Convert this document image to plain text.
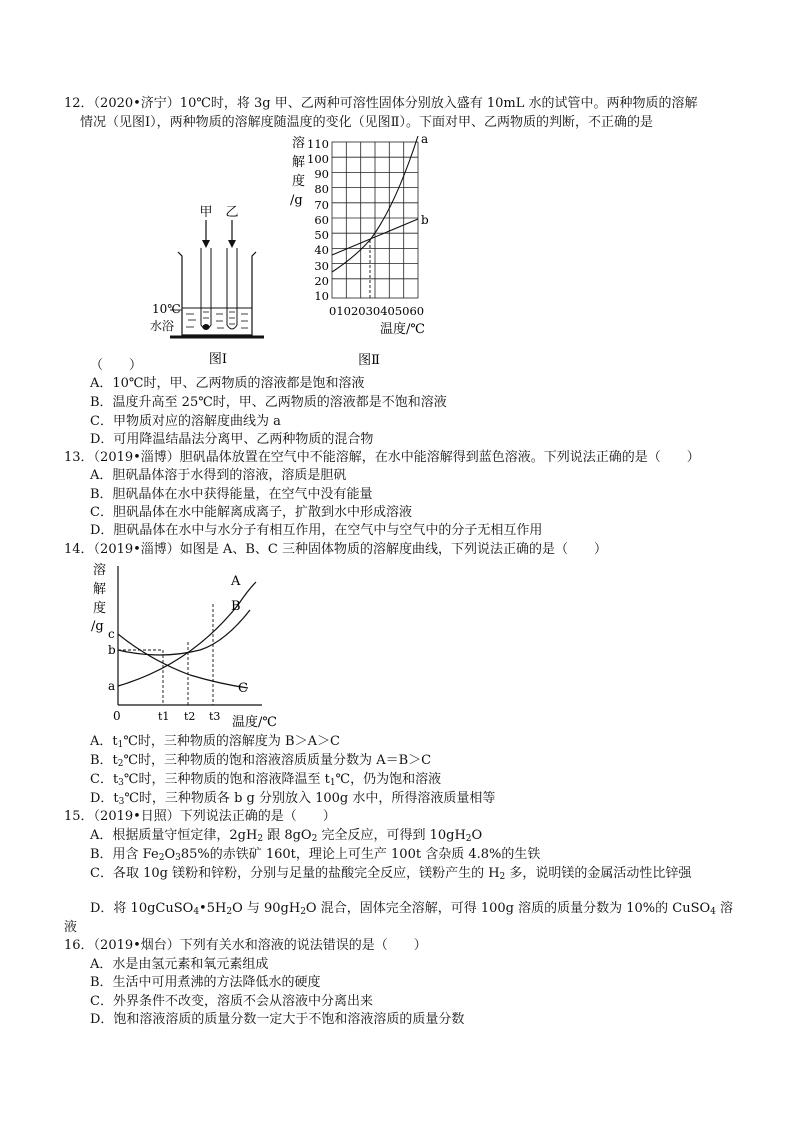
12．（2020•济宁）10℃时，将 3g 甲、乙两种可溶性固体分别放入盛有 10mL 水的试管中。两种物质的溶解
情况（见图Ⅰ），两种物质的溶解度随温度的变化（见图Ⅱ）。下面对甲、乙两物质的判断，不正确的是
甲 乙
10℃
水浴
图Ⅰ
溶
解
度
/g
110
100
90
80
70
60
50
40
30
20
10
a
b
0102030405060
温度/℃
图Ⅱ
（　　）
A．10℃时，甲、乙两物质的溶液都是饱和溶液
B．温度升高至 25℃时，甲、乙两物质的溶液都是不饱和溶液
C．甲物质对应的溶解度曲线为 a
D．可用降温结晶法分离甲、乙两种物质的混合物
13．（2019•淄博）胆矾晶体放置在空气中不能溶解，在水中能溶解得到蓝色溶液。下列说法正确的是（　　）
A．胆矾晶体溶于水得到的溶液，溶质是胆矾
B．胆矾晶体在水中获得能量，在空气中没有能量
C．胆矾晶体在水中能解离成离子，扩散到水中形成溶液
D．胆矾晶体在水中与水分子有相互作用，在空气中与空气中的分子无相互作用
14．（2019•淄博）如图是 A、B、C 三种固体物质的溶解度曲线，下列说法正确的是（　　）
溶
解
度
/g c
b
a
0	t1 t2 t3 温度/℃
A
B
C
A．$t_1℃$时，三种物质的溶解度为 B＞A＞C
B．$t_2℃$时，三种物质的饱和溶液溶质质量分数为 A＝B＞C
C．$t_3℃$时，三种物质的饱和溶液降温至 $t_1℃$，仍为饱和溶液
D．$t_3℃$时，三种物质各 b g 分别放入 100g 水中，所得溶液质量相等
15．（2019•日照）下列说法正确的是（　　）
A．根据质量守恒定律，$2gH_2$ 跟 $8gO_2$ 完全反应，可得到 $10gH_2O$
B．用含 $Fe_2O_385\%$的赤铁矿 160t，理论上可生产 100t 含杂质 4.8%的生铁
C．各取 10g 镁粉和锌粉，分别与足量的盐酸完全反应，镁粉产生的 $H_2$ 多，说明镁的金属活动性比锌强
D．将 $10gCuSO_4•5H_2O$ 与 $90gH_2O$ 混合，固体完全溶解，可得 100g 溶质的质量分数为 10%的 CuSO$_4$ 溶
液
16．（2019•烟台）下列有关水和溶液的说法错误的是（　　）
A．水是由氢元素和氧元素组成
B．生活中可用煮沸的方法降低水的硬度
C．外界条件不改变，溶质不会从溶液中分离出来
D．饱和溶液溶质的质量分数一定大于不饱和溶液溶质的质量分数
